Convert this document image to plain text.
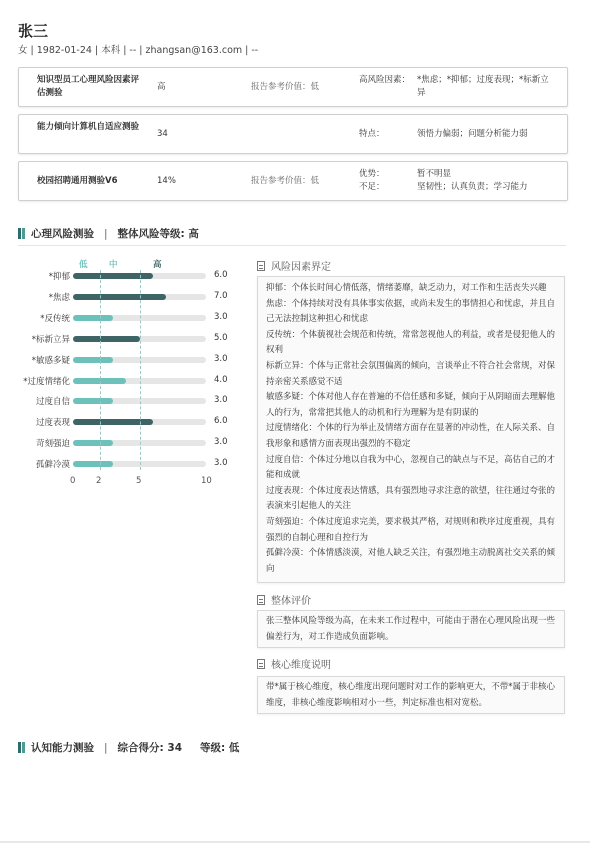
张三
女 | 1982-01-24 | 本科 | -- | zhangsan@163.com | --
知识型员工心理风险因素评估测验
高	报告参考价值：低
高风险因素： *焦虑；*抑郁；过度表现；*标新立异
能力倾向计算机自适应测验
34	特点：	领悟力偏弱；问题分析能力弱
校园招聘通用测验V6	14%	报告参考价值：低
优势：	暂不明显
不足：	坚韧性；认真负责；学习能力
心理风险测验 | 整体风险等级: 高
低	中	高
*抑郁	6.0
*焦虑	7.0
*反传统	3.0
*标新立异	5.0
*敏感多疑	3.0
*过度情绪化	4.0
过度自信	3.0
过度表现	6.0
苛刻强迫	3.0
孤僻冷漠	3.0
0 2	5	10
风险因素界定
抑郁：个体长时间心情低落，情绪萎靡，缺乏动力，对工作和生活丧失兴趣
焦虑：个体持续对没有具体事实依据，或尚未发生的事情担心和忧虑，并且自己无法控制这种担心和忧虑
反传统：个体藐视社会规范和传统，常常忽视他人的利益，或者是侵犯他人的权利
标新立异：个体与正常社会氛围偏离的倾向，言谈举止不符合社会常规，对保持亲密关系感觉不适
敏感多疑：个体对他人存在普遍的不信任感和多疑，倾向于从阴暗面去理解他人的行为，常常把其他人的动机和行为理解为是有阴谋的
过度情绪化：个体的行为举止及情绪方面存在显著的冲动性，在人际关系、自我形象和感情方面表现出强烈的不稳定
过度自信：个体过分地以自我为中心，忽视自己的缺点与不足，高估自己的才能和成就
过度表现：个体过度表达情感，具有强烈地寻求注意的欲望，往往通过夸张的表演来引起他人的关注
苛刻强迫：个体过度追求完美，要求极其严格，对规则和秩序过度重视，具有强烈的自制心理和自控行为
孤僻冷漠：个体情感淡漠，对他人缺乏关注，有强烈地主动脱离社交关系的倾向
整体评价
张三整体风险等级为高，在未来工作过程中，可能由于潜在心理风险出现一些偏差行为，对工作造成负面影响。
核心维度说明
带*属于核心维度，核心维度出现问题时对工作的影响更大，不带*属于非核心维度，非核心维度影响相对小一些，判定标准也相对宽松。
认知能力测验 | 综合得分: 34 等级: 低
